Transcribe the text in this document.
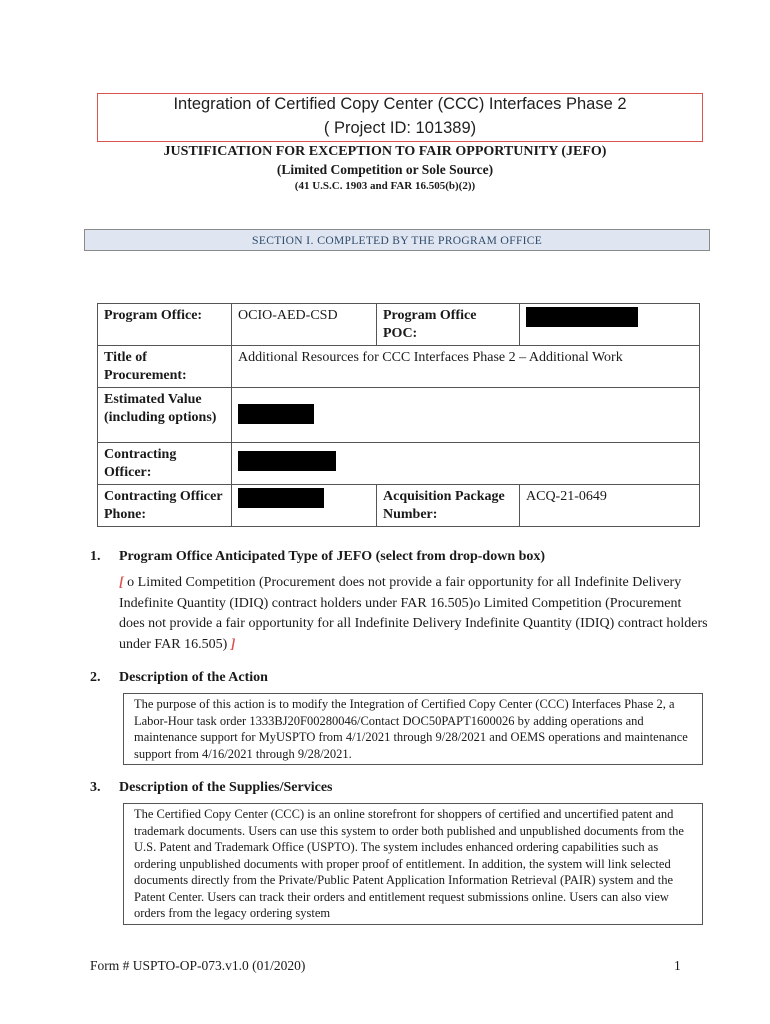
Integration of Certified Copy Center (CCC) Interfaces Phase 2
( Project ID: 101389)
JUSTIFICATION FOR EXCEPTION TO FAIR OPPORTUNITY (JEFO)
(Limited Competition or Sole Source)
(41 U.S.C. 1903 and FAR 16.505(b)(2))
SECTION I. COMPLETED BY THE PROGRAM OFFICE
Program Office:	OCIO-AED-CSD	Program Office POC:	
Title of Procurement:	Additional Resources for CCC Interfaces Phase 2 – Additional Work		
Estimated Value (including options)			
Contracting Officer:			
Contracting Officer Phone:		Acquisition Package Number:	ACQ-21-0649
1. Program Office Anticipated Type of JEFO (select from drop-down box)
[ o Limited Competition (Procurement does not provide a fair opportunity for all Indefinite Delivery Indefinite Quantity (IDIQ) contract holders under FAR 16.505)o Limited Competition (Procurement does not provide a fair opportunity for all Indefinite Delivery Indefinite Quantity (IDIQ) contract holders under FAR 16.505) ]
2. Description of the Action
The purpose of this action is to modify the Integration of Certified Copy Center (CCC) Interfaces Phase 2, a Labor-Hour task order 1333BJ20F00280046/Contact DOC50PAPT1600026 by adding operations and maintenance support for MyUSPTO from 4/1/2021 through 9/28/2021 and OEMS operations and maintenance support from 4/16/2021 through 9/28/2021.
3. Description of the Supplies/Services
The Certified Copy Center (CCC) is an online storefront for shoppers of certified and uncertified patent and trademark documents. Users can use this system to order both published and unpublished documents from the U.S. Patent and Trademark Office (USPTO). The system includes enhanced ordering capabilities such as ordering unpublished documents with proper proof of entitlement. In addition, the system will link selected documents directly from the Private/Public Patent Application Information Retrieval (PAIR) system and the Patent Center. Users can track their orders and entitlement request submissions online. Users can also view orders from the legacy ordering system
Form # USPTO-OP-073.v1.0 (01/2020)	1
